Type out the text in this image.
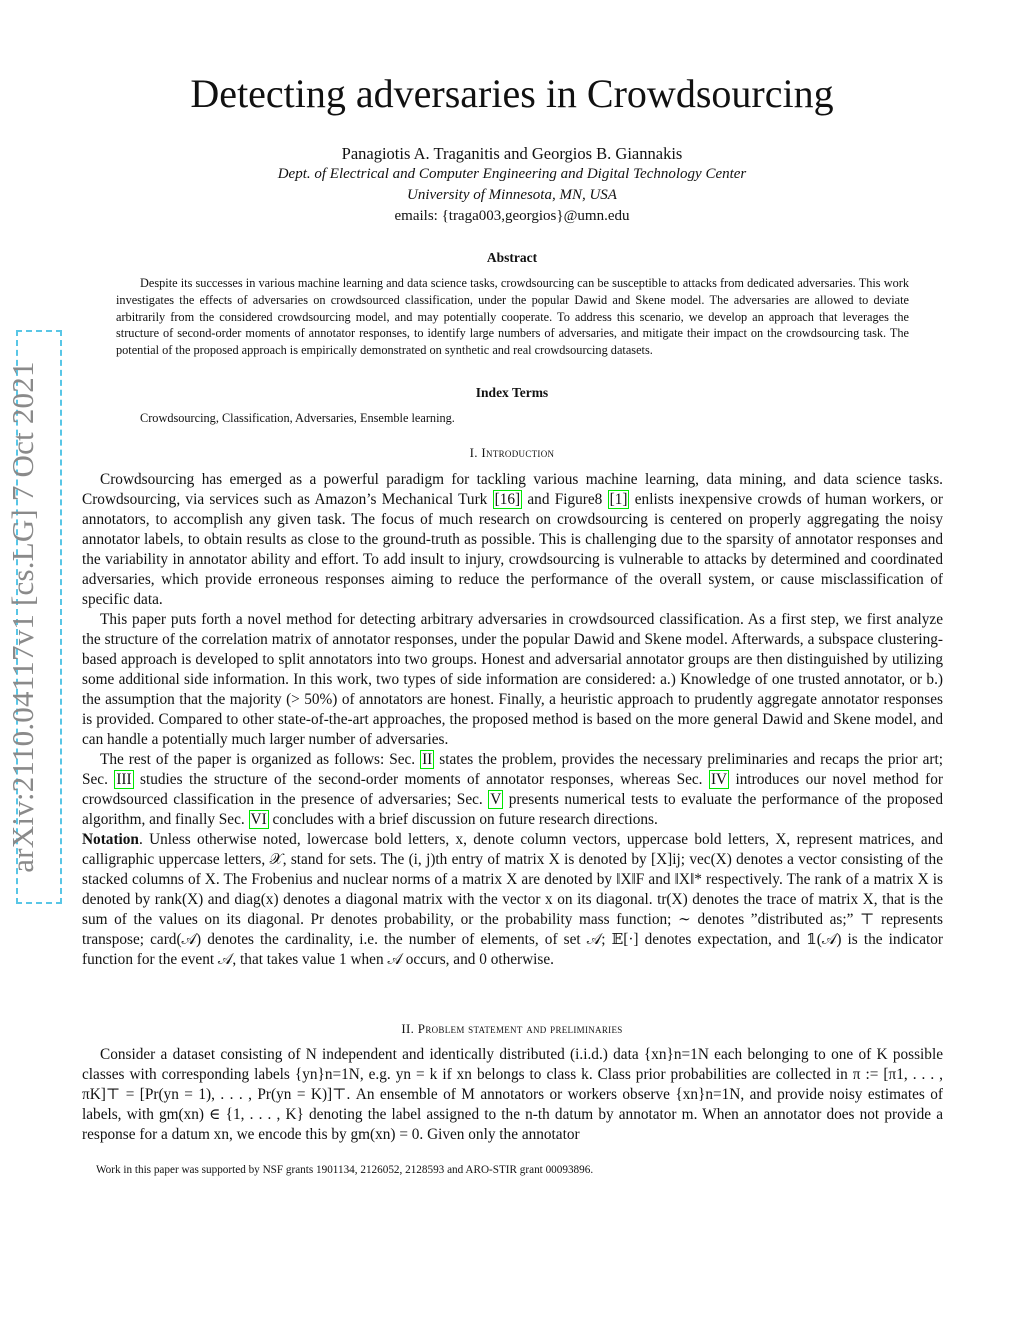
arXiv:2110.04117v1 [cs.LG] 7 Oct 2021
Detecting adversaries in Crowdsourcing
Panagiotis A. Traganitis and Georgios B. Giannakis
Dept. of Electrical and Computer Engineering and Digital Technology Center
University of Minnesota, MN, USA
emails: {traga003,georgios}@umn.edu
Abstract

Despite its successes in various machine learning and data science tasks, crowdsourcing can be susceptible to attacks from dedicated adversaries. This work investigates the effects of adversaries on crowdsourced classification, under the popular Dawid and Skene model. The adversaries are allowed to deviate arbitrarily from the considered crowdsourcing model, and may potentially cooperate. To address this scenario, we develop an approach that leverages the structure of second-order moments of annotator responses, to identify large numbers of adversaries, and mitigate their impact on the crowdsourcing task. The potential of the proposed approach is empirically demonstrated on synthetic and real crowdsourcing datasets.

Index Terms

Crowdsourcing, Classification, Adversaries, Ensemble learning.

I. Introduction

Crowdsourcing has emerged as a powerful paradigm for tackling various machine learning, data mining, and data science tasks. Crowdsourcing, via services such as Amazon’s Mechanical Turk [16] and Figure8 [1] enlists inexpensive crowds of human workers, or annotators, to accomplish any given task. The focus of much research on crowdsourcing is centered on properly aggregating the noisy annotator labels, to obtain results as close to the ground-truth as possible. This is challenging due to the sparsity of annotator responses and the variability in annotator ability and effort. To add insult to injury, crowdsourcing is vulnerable to attacks by determined and coordinated adversaries, which provide erroneous responses aiming to reduce the performance of the overall system, or cause misclassification of specific data.

This paper puts forth a novel method for detecting arbitrary adversaries in crowdsourced classification. As a first step, we first analyze the structure of the correlation matrix of annotator responses, under the popular Dawid and Skene model. Afterwards, a subspace clustering-based approach is developed to split annotators into two groups. Honest and adversarial annotator groups are then distinguished by utilizing some additional side information. In this work, two types of side information are considered: a.) Knowledge of one trusted annotator, or b.) the assumption that the majority (> 50%) of annotators are honest. Finally, a heuristic approach to prudently aggregate annotator responses is provided. Compared to other state-of-the-art approaches, the proposed method is based on the more general Dawid and Skene model, and can handle a potentially much larger number of adversaries.

The rest of the paper is organized as follows: Sec. II states the problem, provides the necessary preliminaries and recaps the prior art; Sec. III studies the structure of the second-order moments of annotator responses, whereas Sec. IV introduces our novel method for crowdsourced classification in the presence of adversaries; Sec. V presents numerical tests to evaluate the performance of the proposed algorithm, and finally Sec. VI concludes with a brief discussion on future research directions.

Notation. Unless otherwise noted, lowercase bold letters, x, denote column vectors, uppercase bold letters, X, represent matrices, and calligraphic uppercase letters, 𝒳, stand for sets. The (i, j)th entry of matrix X is denoted by [X]ij; vec(X) denotes a vector consisting of the stacked columns of X. The Frobenius and nuclear norms of a matrix X are denoted by ‖X‖F and ‖X‖* respectively. The rank of a matrix X is denoted by rank(X) and diag(x) denotes a diagonal matrix with the vector x on its diagonal. tr(X) denotes the trace of matrix X, that is the sum of the values on its diagonal. Pr denotes probability, or the probability mass function; ∼ denotes ”distributed as;” ⊤ represents transpose; card(𝒜) denotes the cardinality, i.e. the number of elements, of set 𝒜; 𝔼[·] denotes expectation, and 𝟙(𝒜) is the indicator function for the event 𝒜, that takes value 1 when 𝒜 occurs, and 0 otherwise.

II. Problem statement and preliminaries

Consider a dataset consisting of N independent and identically distributed (i.i.d.) data {xn}n=1N each belonging to one of K possible classes with corresponding labels {yn}n=1N, e.g. yn = k if xn belongs to class k. Class prior probabilities are collected in π := [π1, . . . , πK]⊤ = [Pr(yn = 1), . . . , Pr(yn = K)]⊤. An ensemble of M annotators or workers observe {xn}n=1N, and provide noisy estimates of labels, with gm(xn) ∈ {1, . . . , K} denoting the label assigned to the n-th datum by annotator m. When an annotator does not provide a response for a datum xn, we encode this by gm(xn) = 0. Given only the annotator

Work in this paper was supported by NSF grants 1901134, 2126052, 2128593 and ARO-STIR grant 00093896.
